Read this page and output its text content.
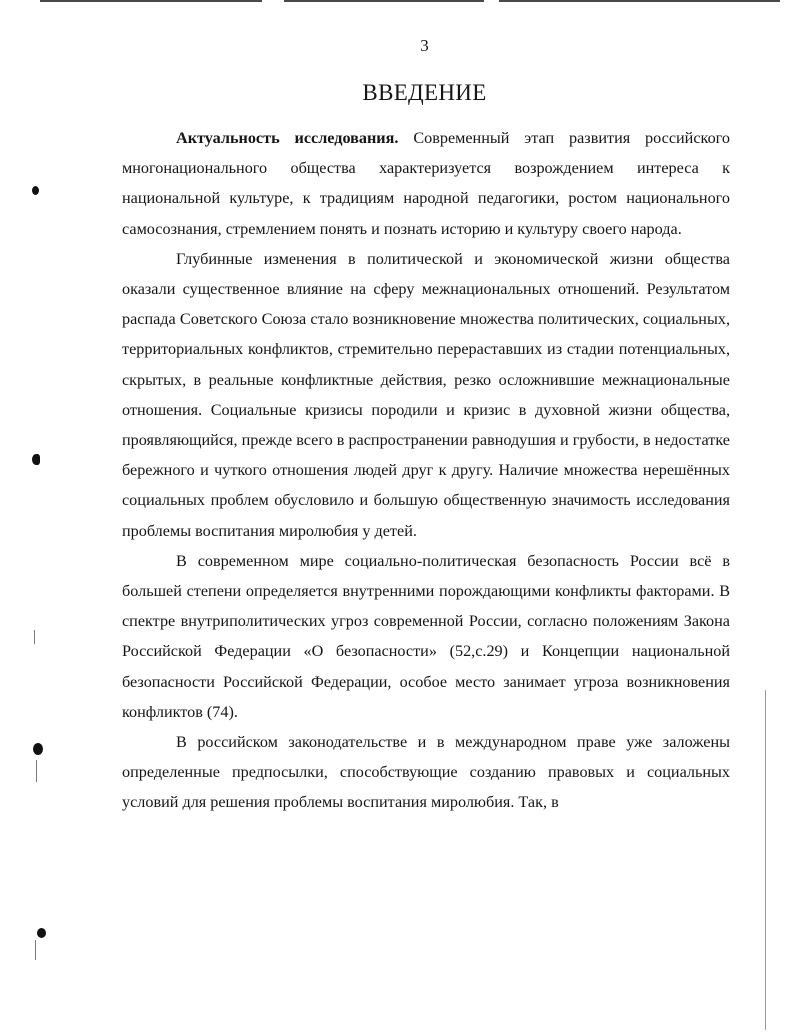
3
ВВЕДЕНИЕ

Актуальность исследования. Современный этап развития российского многонационального общества характеризуется возрождением интереса к национальной культуре, к традициям народной педагогики, ростом национального самосознания, стремлением понять и познать историю и культуру своего народа.

Глубинные изменения в политической и экономической жизни общества оказали существенное влияние на сферу межнациональных отношений. Результатом распада Советского Союза стало возникновение множества политических, социальных, территориальных конфликтов, стремительно перераставших из стадии потенциальных, скрытых, в реальные конфликтные действия, резко осложнившие межнациональные отношения. Социальные кризисы породили и кризис в духовной жизни общества, проявляющийся, прежде всего в распространении равнодушия и грубости, в недостатке бережного и чуткого отношения людей друг к другу. Наличие множества нерешённых социальных проблем обусловило и большую общественную значимость исследования проблемы воспитания миролюбия у детей.

В современном мире социально-политическая безопасность России всё в большей степени определяется внутренними порождающими конфликты факторами. В спектре внутриполитических угроз современной России, согласно положениям Закона Российской Федерации «О безопасности» (52,с.29) и Концепции национальной безопасности Российской Федерации, особое место занимает угроза возникновения конфликтов (74).

В российском законодательстве и в международном праве уже заложены определенные предпосылки, способствующие созданию правовых и социальных условий для решения проблемы воспитания миролюбия. Так, в
